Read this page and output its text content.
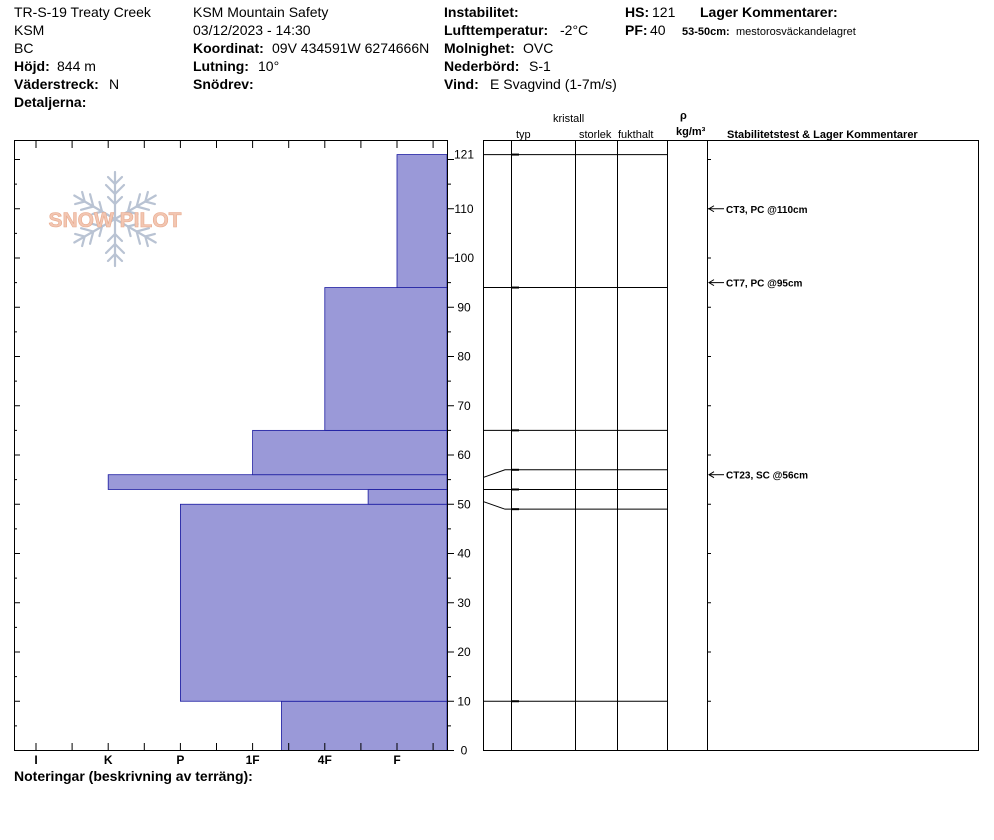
TR-S-19 Treaty Creek
KSM
BC
Höjd: 844 m
Väderstreck: N
Detaljerna:
KSM Mountain Safety
03/12/2023 - 14:30
Koordinat: 09V 434591W 6274666N
Lutning: 10°
Snödrev:
Instabilitet:
Lufttemperatur: -2°C
Molnighet: OVC
Nederbörd: S-1
Vind: E Svagvind (1-7m/s)
HS: 121
PF: 40
Lager Kommentarer:
53-50cm: mestorosväckandelagret
ρ
kristall
typ	storlek fukthalt kg/m³ Stabilitetstest & Lager Kommentarer
SNOW PILOT
I	K	P	1F	4F	F
0
10
20
30
40
50
60
70
80
90
100
110
121
CT3, PC @110cm
CT7, PC @95cm
CT23, SC @56cm
Noteringar (beskrivning av terräng):
